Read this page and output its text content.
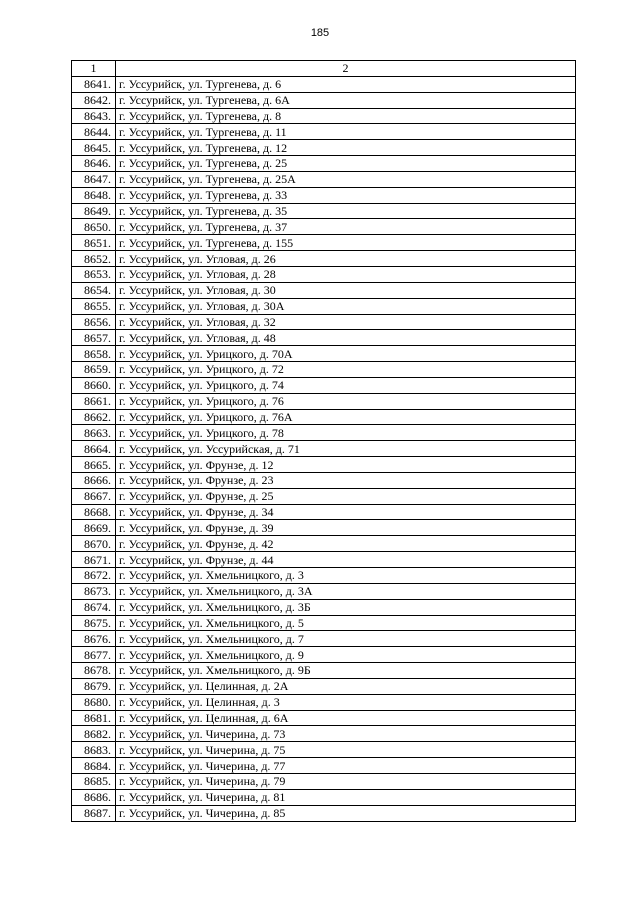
185
1	2
8641.	г. Уссурийск, ул. Тургенева, д. 6
8642.	г. Уссурийск, ул. Тургенева, д. 6А
8643.	г. Уссурийск, ул. Тургенева, д. 8
8644.	г. Уссурийск, ул. Тургенева, д. 11
8645.	г. Уссурийск, ул. Тургенева, д. 12
8646.	г. Уссурийск, ул. Тургенева, д. 25
8647.	г. Уссурийск, ул. Тургенева, д. 25А
8648.	г. Уссурийск, ул. Тургенева, д. 33
8649.	г. Уссурийск, ул. Тургенева, д. 35
8650.	г. Уссурийск, ул. Тургенева, д. 37
8651.	г. Уссурийск, ул. Тургенева, д. 155
8652.	г. Уссурийск, ул. Угловая, д. 26
8653.	г. Уссурийск, ул. Угловая, д. 28
8654.	г. Уссурийск, ул. Угловая, д. 30
8655.	г. Уссурийск, ул. Угловая, д. 30А
8656.	г. Уссурийск, ул. Угловая, д. 32
8657.	г. Уссурийск, ул. Угловая, д. 48
8658.	г. Уссурийск, ул. Урицкого, д. 70А
8659.	г. Уссурийск, ул. Урицкого, д. 72
8660.	г. Уссурийск, ул. Урицкого, д. 74
8661.	г. Уссурийск, ул. Урицкого, д. 76
8662.	г. Уссурийск, ул. Урицкого, д. 76А
8663.	г. Уссурийск, ул. Урицкого, д. 78
8664.	г. Уссурийск, ул. Уссурийская, д. 71
8665.	г. Уссурийск, ул. Фрунзе, д. 12
8666.	г. Уссурийск, ул. Фрунзе, д. 23
8667.	г. Уссурийск, ул. Фрунзе, д. 25
8668.	г. Уссурийск, ул. Фрунзе, д. 34
8669.	г. Уссурийск, ул. Фрунзе, д. 39
8670.	г. Уссурийск, ул. Фрунзе, д. 42
8671.	г. Уссурийск, ул. Фрунзе, д. 44
8672.	г. Уссурийск, ул. Хмельницкого, д. 3
8673.	г. Уссурийск, ул. Хмельницкого, д. 3А
8674.	г. Уссурийск, ул. Хмельницкого, д. 3Б
8675.	г. Уссурийск, ул. Хмельницкого, д. 5
8676.	г. Уссурийск, ул. Хмельницкого, д. 7
8677.	г. Уссурийск, ул. Хмельницкого, д. 9
8678.	г. Уссурийск, ул. Хмельницкого, д. 9Б
8679.	г. Уссурийск, ул. Целинная, д. 2А
8680.	г. Уссурийск, ул. Целинная, д. 3
8681.	г. Уссурийск, ул. Целинная, д. 6А
8682.	г. Уссурийск, ул. Чичерина, д. 73
8683.	г. Уссурийск, ул. Чичерина, д. 75
8684.	г. Уссурийск, ул. Чичерина, д. 77
8685.	г. Уссурийск, ул. Чичерина, д. 79
8686.	г. Уссурийск, ул. Чичерина, д. 81
8687.	г. Уссурийск, ул. Чичерина, д. 85
